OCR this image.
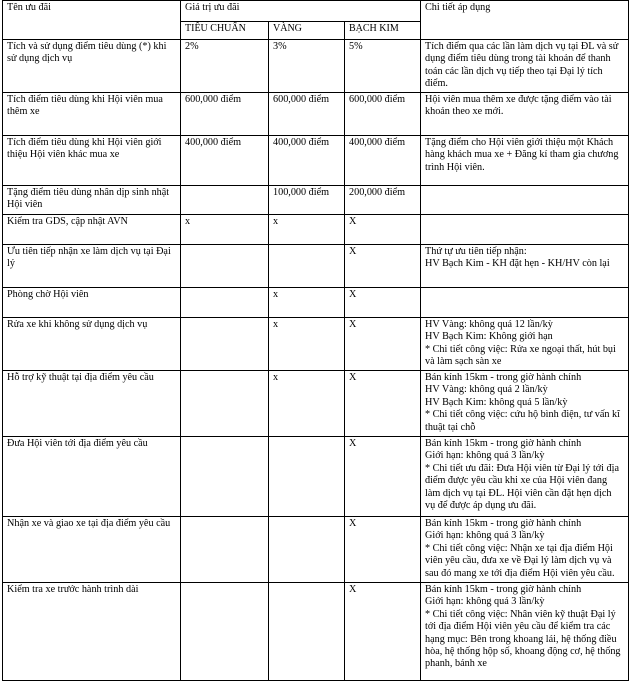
Tên ưu đãi	Giá trị ưu đãi			Chi tiết áp dụng
	TIÊU CHUẨN	VÀNG	BẠCH KIM	
Tích và sử dụng điểm tiêu dùng (*) khi sử dụng dịch vụ	2%	3%	5%	Tích điểm qua các lần làm dịch vụ tại ĐL và sử dụng điểm tiêu dùng trong tài khoản để thanh toán các lần dịch vụ tiếp theo tại Đại lý tích điểm.

Tích điểm tiêu dùng khi Hội viên mua thêm xe	600,000 điểm	600,000 điểm	600,000 điểm	Hội viên mua thêm xe được tặng điểm vào tài khoản theo xe mới.

Tích điểm tiêu dùng khi Hội viên giới thiệu Hội viên khác mua xe	400,000 điểm	400,000 điểm	400,000 điểm	Tặng điểm cho Hội viên giới thiệu một Khách hàng khách mua xe + Đăng kí tham gia chương trình Hội viên.

Tặng điểm tiêu dùng nhân dịp sinh nhật Hội viên		100,000 điểm	200,000 điểm	
Kiểm tra GDS, cập nhật AVN	x	x	X	
Ưu tiên tiếp nhận xe làm dịch vụ tại Đại lý			X	Thứ tự ưu tiên tiếp nhận:
HV Bạch Kim - KH đặt hẹn - KH/HV còn lại

Phòng chờ Hội viên		x	X	
Rửa xe khi không sử dụng dịch vụ		x	X	HV Vàng: không quá 12 lần/kỳ
HV Bạch Kim: Không giới hạn
* Chi tiết công việc: Rửa xe ngoại thất, hút bụi và làm sạch sàn xe

Hỗ trợ kỹ thuật tại địa điểm yêu cầu		x	X	Bán kính 15km - trong giờ hành chính
HV Vàng: không quá 2 lần/kỳ
HV Bạch Kim: không quá 5 lần/kỳ
* Chi tiết công việc: cứu hộ bình điện, tư vấn kĩ thuật tại chỗ

Đưa Hội viên tới địa điểm yêu cầu			X	Bán kính 15km - trong giờ hành chính
Giới hạn: không quá 3 lần/kỳ
* Chi tiết ưu đãi: Đưa Hội viên từ Đại lý tới địa điểm được yêu cầu khi xe của Hội viên đang làm dịch vụ tại ĐL. Hội viên cần đặt hẹn dịch vụ để được áp dụng ưu đãi.

Nhận xe và giao xe tại địa điểm yêu cầu			X	Bán kính 15km - trong giờ hành chính
Giới hạn: không quá 3 lần/kỳ
* Chi tiết công việc: Nhận xe tại địa điểm Hội viên yêu cầu, đưa xe về Đại lý làm dịch vụ và sau đó mang xe tới địa điểm Hội viên yêu cầu.

Kiểm tra xe trước hành trình dài			X	Bán kính 15km - trong giờ hành chính
Giới hạn: không quá 3 lần/kỳ
* Chi tiết công việc: Nhân viên kỹ thuật Đại lý tới địa điểm Hội viên yêu cầu để kiểm tra các hạng mục: Bên trong khoang lái, hệ thống điều hòa, hệ thống hộp số, khoang động cơ, hệ thống phanh, bánh xe
